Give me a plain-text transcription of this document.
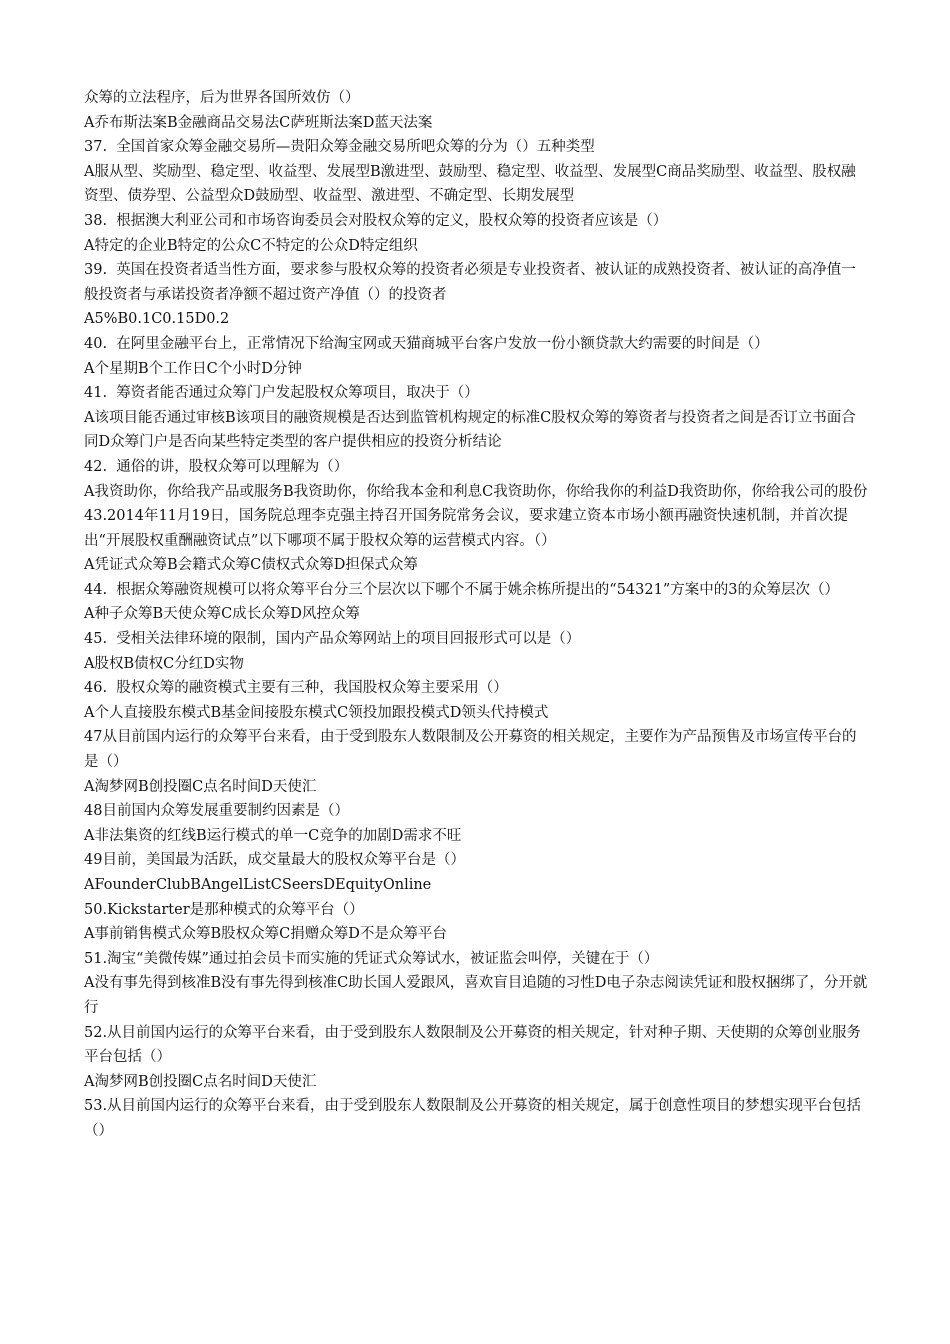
众筹的立法程序，后为世界各国所效仿（）

A乔布斯法案B金融商品交易法C萨班斯法案D蓝天法案

37.  全国首家众筹金融交易所—贵阳众筹金融交易所吧众筹的分为（）五种类型

A服从型、奖励型、稳定型、收益型、发展型B激进型、鼓励型、稳定型、收益型、发展型C商品奖励型、收益型、股权融资型、债券型、公益型众D鼓励型、收益型、激进型、不确定型、长期发展型

38.  根据澳大利亚公司和市场咨询委员会对股权众筹的定义，股权众筹的投资者应该是（）

A特定的企业B特定的公众C不特定的公众D特定组织

39.  英国在投资者适当性方面，要求参与股权众筹的投资者必须是专业投资者、被认证的成熟投资者、被认证的高净值一般投资者与承诺投资者净额不超过资产净值（）的投资者

A5%B0.1C0.15D0.2

40.  在阿里金融平台上，正常情况下给淘宝网或天猫商城平台客户发放一份小额贷款大约需要的时间是（）

A个星期B个工作日C个小时D分钟

41.  筹资者能否通过众筹门户发起股权众筹项目，取决于（）

A该项目能否通过审核B该项目的融资规模是否达到监管机构规定的标准C股权众筹的筹资者与投资者之间是否订立书面合同D众筹门户是否向某些特定类型的客户提供相应的投资分析结论

42.  通俗的讲，股权众筹可以理解为（）

A我资助你，你给我产品或服务B我资助你，你给我本金和利息C我资助你，你给我你的利益D我资助你，你给我公司的股份

43.2014年11月19日，国务院总理李克强主持召开国务院常务会议，要求建立资本市场小额再融资快速机制，并首次提出“开展股权重酬融资试点”以下哪项不属于股权众筹的运营模式内容。（）

A凭证式众筹B会籍式众筹C债权式众筹D担保式众筹

44.  根据众筹融资规模可以将众筹平台分三个层次以下哪个不属于姚余栋所提出的“54321”方案中的3的众筹层次（）

A种子众筹B天使众筹C成长众筹D风控众筹

45.  受相关法律环境的限制，国内产品众筹网站上的项目回报形式可以是（）

A股权B债权C分红D实物

46.  股权众筹的融资模式主要有三种，我国股权众筹主要采用（）

A个人直接股东模式B基金间接股东模式C领投加跟投模式D领头代持模式

47从目前国内运行的众筹平台来看，由于受到股东人数限制及公开募资的相关规定，主要作为产品预售及市场宣传平台的是（）

A淘梦网B创投圈C点名时间D天使汇

48目前国内众筹发展重要制约因素是（）

A非法集资的红线B运行模式的单一C竞争的加剧D需求不旺

49目前，美国最为活跃，成交量最大的股权众筹平台是（）

AFounderClubBAngelListCSeersDEquityOnline

50.Kickstarter是那种模式的众筹平台（）

A事前销售模式众筹B股权众筹C捐赠众筹D不是众筹平台

51.淘宝“美微传媒”通过拍会员卡而实施的凭证式众筹试水，被证监会叫停，关键在于（）

A没有事先得到核准B没有事先得到核准C助长国人爱跟风，喜欢盲目追随的习性D电子杂志阅读凭证和股权捆绑了，分开就行

52.从目前国内运行的众筹平台来看，由于受到股东人数限制及公开募资的相关规定，针对种子期、天使期的众筹创业服务平台包括（）

A淘梦网B创投圈C点名时间D天使汇

53.从目前国内运行的众筹平台来看，由于受到股东人数限制及公开募资的相关规定，属于创意性项目的梦想实现平台包括（）
